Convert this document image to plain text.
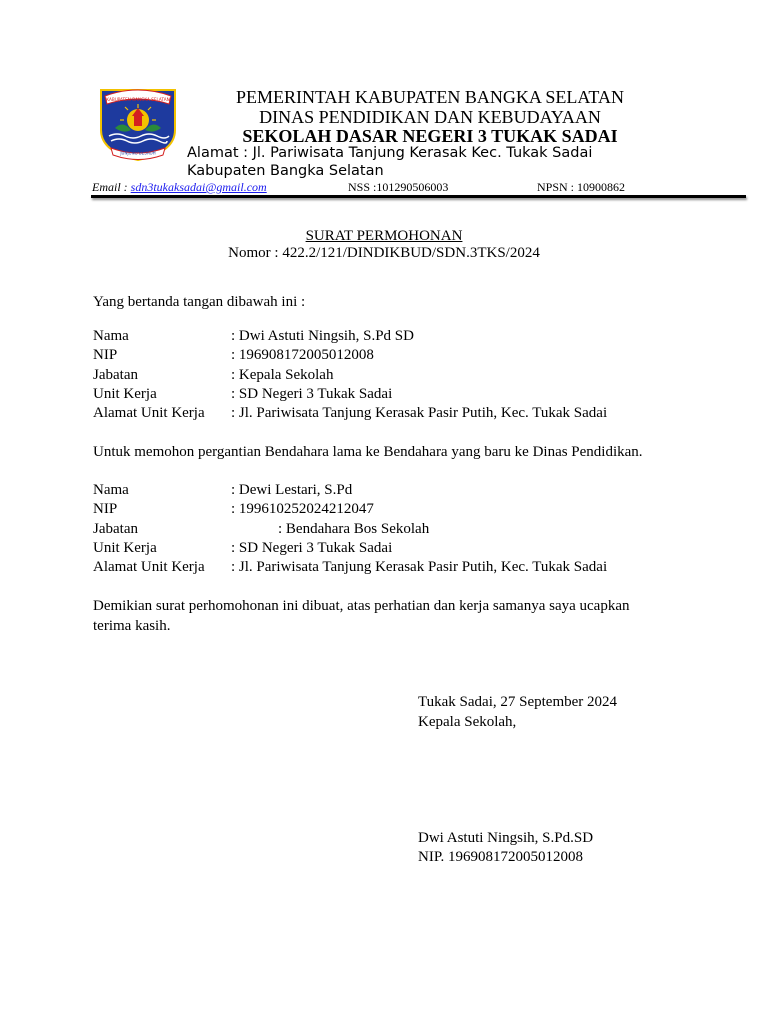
KABUPATEN BANGKA SELATAN
JUNJUNG BESAOH
PEMERINTAH KABUPATEN BANGKA SELATAN
DINAS PENDIDIKAN DAN KEBUDAYAAN
SEKOLAH DASAR NEGERI 3 TUKAK SADAI
Alamat : Jl. Pariwisata Tanjung Kerasak Kec. Tukak Sadai
Kabupaten Bangka Selatan
Email : sdn3tukaksadai@gmail.com	NSS :101290506003	NPSN : 10900862
SURAT PERMOHONAN
Nomor : 422.2/121/DINDIKBUD/SDN.3TKS/2024
Yang bertanda tangan dibawah ini :
Nama	: Dwi Astuti Ningsih, S.Pd SD
NIP	: 196908172005012008
Jabatan	: Kepala Sekolah
Unit Kerja	: SD Negeri 3 Tukak Sadai
Alamat Unit Kerja : Jl. Pariwisata Tanjung Kerasak Pasir Putih, Kec. Tukak Sadai
Untuk memohon pergantian Bendahara lama ke Bendahara yang baru ke Dinas Pendidikan.
Nama	: Dewi Lestari, S.Pd
NIP	: 199610252024212047
Jabatan	: Bendahara Bos Sekolah
Unit Kerja	: SD Negeri 3 Tukak Sadai
Alamat Unit Kerja : Jl. Pariwisata Tanjung Kerasak Pasir Putih, Kec. Tukak Sadai
Demikian surat perhomohonan ini dibuat, atas perhatian dan kerja samanya saya ucapkan
terima kasih.
Tukak Sadai, 27 September 2024
Kepala Sekolah,
Dwi Astuti Ningsih, S.Pd.SD
NIP. 196908172005012008
